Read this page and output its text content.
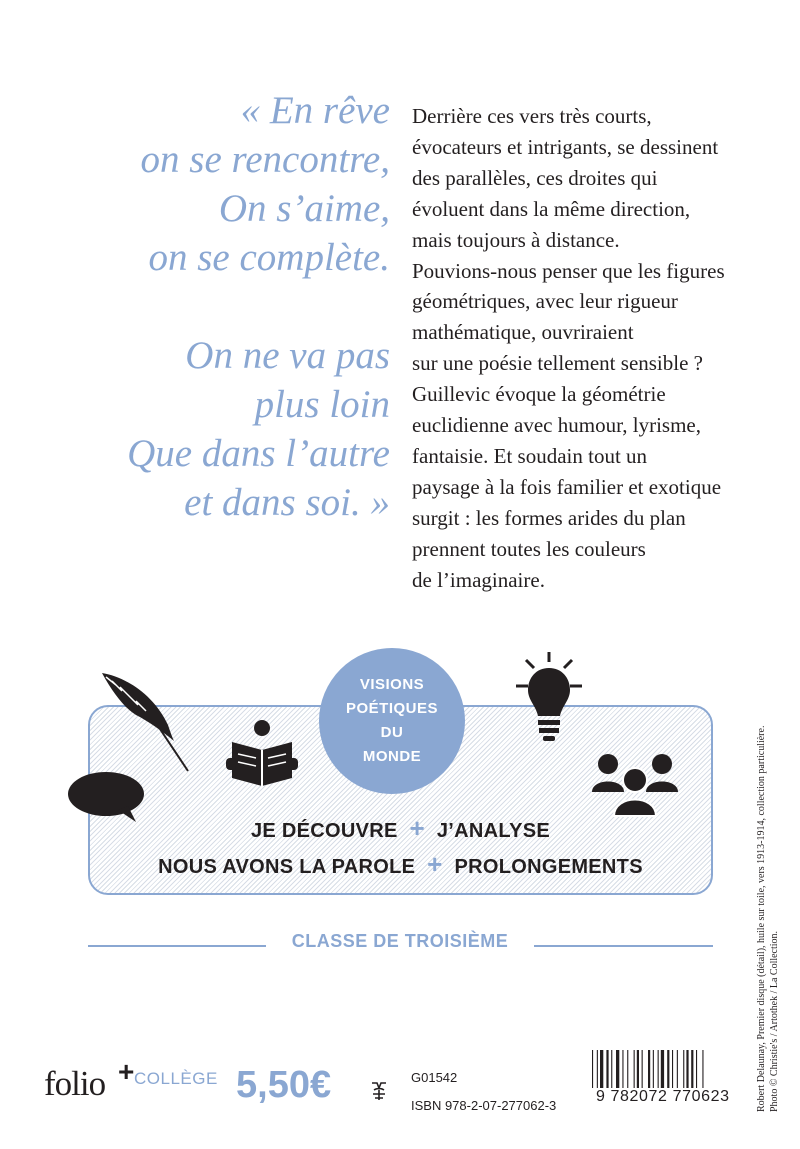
« En rêve
on se rencontre,
On s’aime,
on se complète.
On ne va pas
plus loin
Que dans l’autre
et dans soi. »
Derrière ces vers très courts,
évocateurs et intrigants, se dessinent
des parallèles, ces droites qui
évoluent dans la même direction,
mais toujours à distance.
Pouvions-nous penser que les figures
géométriques, avec leur rigueur
mathématique, ouvriraient
sur une poésie tellement sensible ?
Guillevic évoque la géométrie
euclidienne avec humour, lyrisme,
fantaisie. Et soudain tout un
paysage à la fois familier et exotique
surgit : les formes arides du plan
prennent toutes les couleurs
de l’imaginaire.
VISIONS
POÉTIQUES
DU
MONDE
JE DÉCOUVRE + J’ANALYSE
NOUS AVONS LA PAROLE + PROLONGEMENTS
CLASSE DE TROISIÈME
folio + COLLÈGE 5,50€	G01542
ISBN 978-2-07-277062-3
9 782072 770623	Robert Delaunay, Premier disque (détail), huile sur toile, vers 1913-1914, collection particulière. Photo © Christie's / Artothek / La Collection.
